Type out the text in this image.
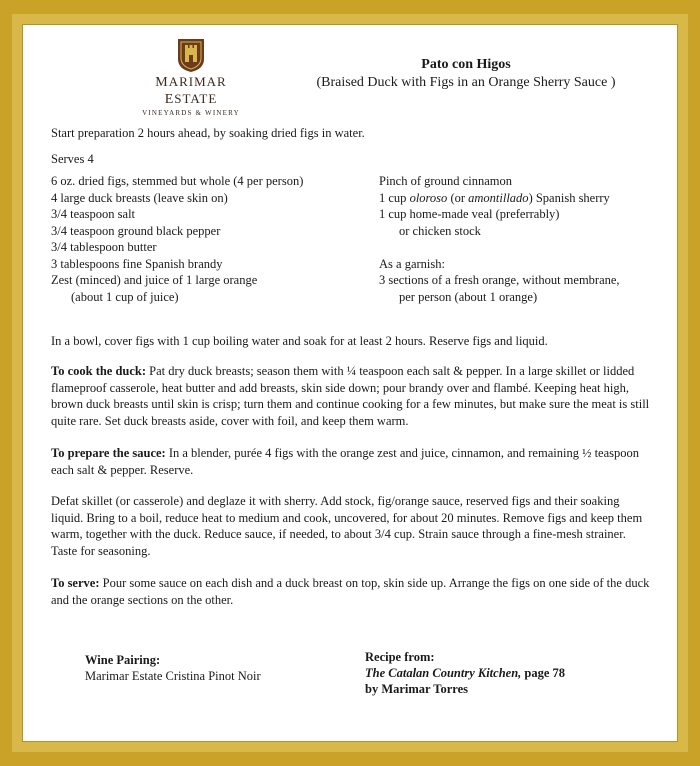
MARIMAR ESTATE
VINEYARDS & WINERY
Pato con Higos
(Braised Duck with Figs in an Orange Sherry Sauce )
Start preparation 2 hours ahead, by soaking dried figs in water.
Serves 4
6 oz. dried figs, stemmed but whole (4 per person)
4 large duck breasts (leave skin on)
3/4 teaspoon salt
3/4 teaspoon ground black pepper
3/4 tablespoon butter
3 tablespoons fine Spanish brandy
Zest (minced) and juice of 1 large orange
(about 1 cup of juice)
Pinch of ground cinnamon
1 cup oloroso (or amontillado) Spanish sherry
1 cup home-made veal (preferrably)
or chicken stock
As a garnish:
3 sections of a fresh orange, without membrane,
per person (about 1 orange)
In a bowl, cover figs with 1 cup boiling water and soak for at least 2 hours. Reserve figs and liquid.
To cook the duck: Pat dry duck breasts; season them with ¼ teaspoon each salt & pepper. In a large skillet or lidded flameproof casserole, heat butter and add breasts, skin side down; pour brandy over and flambé. Keeping heat high, brown duck breasts until skin is crisp; turn them and continue cooking for a few minutes, but make sure the meat is still quite rare. Set duck breasts aside, cover with foil, and keep them warm.
To prepare the sauce: In a blender, purée 4 figs with the orange zest and juice, cinnamon, and remaining ½ teaspoon each salt & pepper. Reserve.
Defat skillet (or casserole) and deglaze it with sherry. Add stock, fig/orange sauce, reserved figs and their soaking liquid. Bring to a boil, reduce heat to medium and cook, uncovered, for about 20 minutes. Remove figs and keep them warm, together with the duck. Reduce sauce, if needed, to about 3/4 cup. Strain sauce through a fine-mesh strainer. Taste for seasoning.
To serve: Pour some sauce on each dish and a duck breast on top, skin side up. Arrange the figs on one side of the duck and the orange sections on the other.
Wine Pairing:
Marimar Estate Cristina Pinot Noir
Recipe from:
The Catalan Country Kitchen, page 78
by Marimar Torres
